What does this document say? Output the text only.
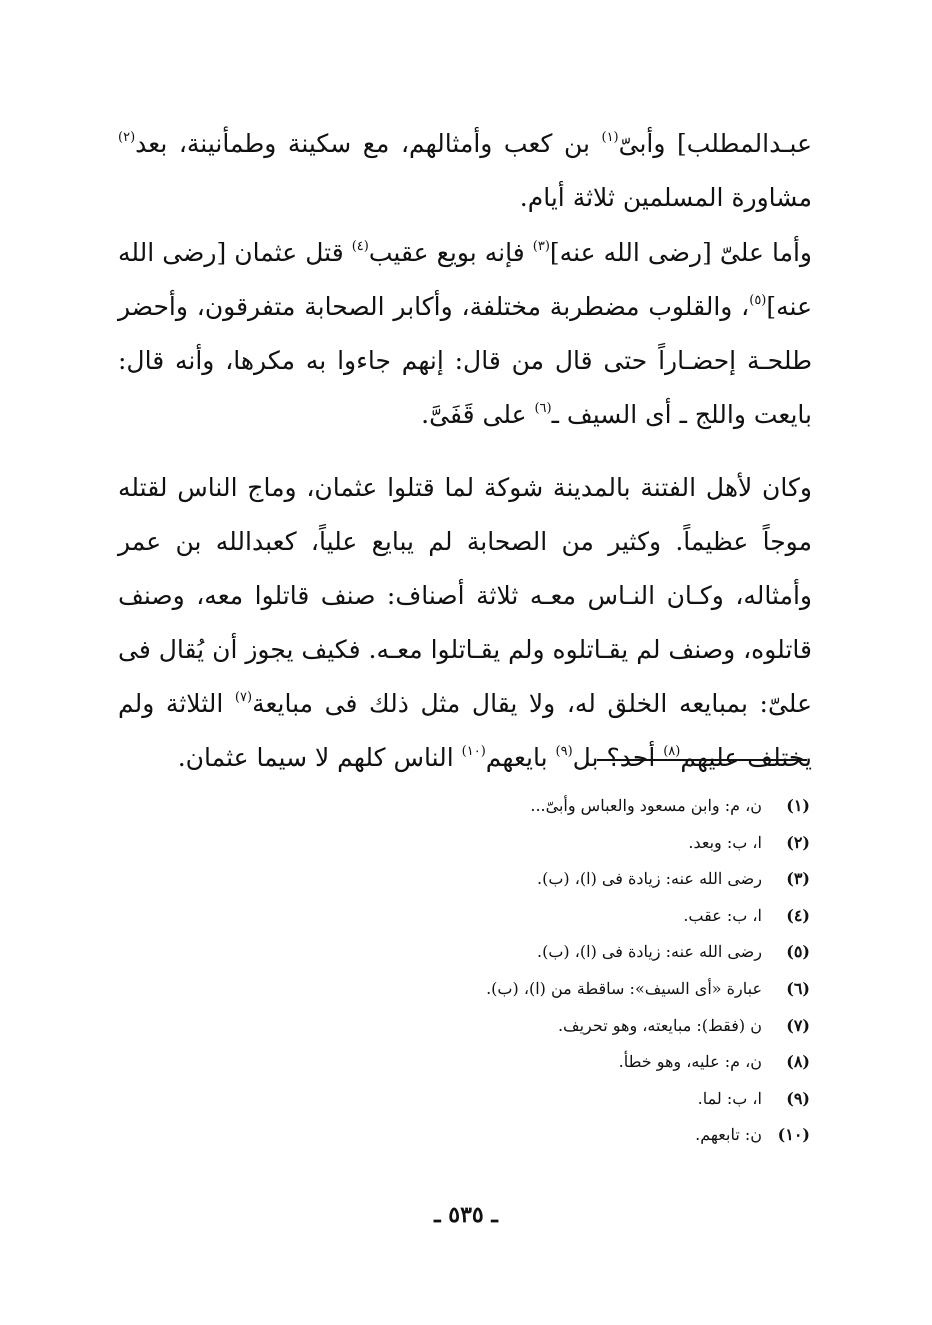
عبـدالمطلب] وأبىّ$^{(١)}$ بن كعب وأمثالهم، مع سكينة وطمأنينة، بعد$^{(٢)}$ مشاورة المسلمين ثلاثة أيام.

وأما علىّ [رضى الله عنه]$^{(٣)}$ فإنه بويع عقيب$^{(٤)}$ قتل عثمان [رضى الله عنه]$^{(٥)}$، والقلوب مضطربة مختلفة، وأكابر الصحابة متفرقون، وأحضر طلحـة إحضـاراً حتى قال من قال: إنهم جاءوا به مكرها، وأنه قال: بايعت واللج ـ أى السيف ـ$^{(٦)}$ على قَفَىَّ.

وكان لأهل الفتنة بالمدينة شوكة لما قتلوا عثمان، وماج الناس لقتله موجاً عظيماً. وكثير من الصحابة لم يبايع علياً، كعبدالله بن عمر وأمثاله، وكـان النـاس معـه ثلاثة أصناف: صنف قاتلوا معه، وصنف قاتلوه، وصنف لم يقـاتلوه ولم يقـاتلوا معـه. فكيف يجوز أن يُقال فى علىّ: بمبايعه الخلق له، ولا يقال مثل ذلك فى مبايعة$^{(٧)}$ الثلاثة ولم يختلف عليهم$^{(٨)}$ أحد؟ بل$^{(٩)}$ بايعهم$^{(١٠)}$ الناس كلهم لا سيما عثمان.

(١)ن، م: وابن مسعود والعباس وأبىّ...
(٢)ا، ب: وبعد.
(٣)رضى الله عنه: زيادة فى (ا)، (ب).
(٤)ا، ب: عقب.
(٥)رضى الله عنه: زيادة فى (ا)، (ب).
(٦)عبارة «أى السيف»: ساقطة من (ا)، (ب).
(٧)ن (فقط): مبايعته، وهو تحريف.
(٨)ن، م: عليه، وهو خطأ.
(٩)ا، ب: لما.
(١٠)ن: تابعهم.
ـ ٥٣٥ ـ
